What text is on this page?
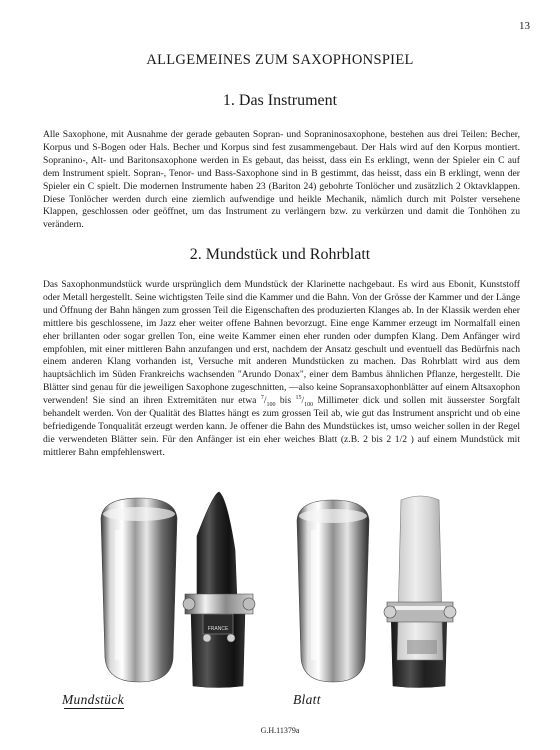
13
ALLGEMEINES ZUM SAXOPHONSPIEL
1. Das Instrument
Alle Saxophone, mit Ausnahme der gerade gebauten Sopran- und Sopraninosaxophone, bestehen aus drei Teilen: Becher, Korpus und S-Bogen oder Hals. Becher und Korpus sind fest zusammengebaut. Der Hals wird auf den Korpus montiert. Sopranino-, Alt- und Baritonsaxophone werden in Es gebaut, das heisst, dass ein Es erklingt, wenn der Spieler ein C auf dem Instrument spielt. Sopran-, Tenor- und Bass-Saxophone sind in B gestimmt, das heisst, dass ein B erklingt, wenn der Spieler ein C spielt. Die modernen Instrumente haben 23 (Bariton 24) gebohrte Tonlöcher und zusätzlich 2 Oktavklappen. Diese Tonlöcher werden durch eine ziemlich aufwendige und heikle Mechanik, nämlich durch mit Polster versehene Klappen, geschlossen oder geöffnet, um das Instrument zu verlängern bzw. zu verkürzen und damit die Tonhöhen zu verändern.
2. Mundstück und Rohrblatt
Das Saxophonmundstück wurde ursprünglich dem Mundstück der Klarinette nachgebaut. Es wird aus Ebonit, Kunststoff oder Metall hergestellt. Seine wichtigsten Teile sind die Kammer und die Bahn. Von der Grösse der Kammer und der Länge und Öffnung der Bahn hängen zum grossen Teil die Eigenschaften des produzierten Klanges ab. In der Klassik werden eher mittlere bis geschlossene, im Jazz eher weiter offene Bahnen bevorzugt. Eine enge Kammer erzeugt im Normalfall einen eher brillanten oder sogar grellen Ton, eine weite Kammer einen eher runden oder dumpfen Klang. Dem Anfänger wird empfohlen, mit einer mittleren Bahn anzufangen und erst, nachdem der Ansatz geschult und eventuell das Bedürfnis nach einem anderen Klang vorhanden ist, Versuche mit anderen Mundstücken zu machen. Das Rohrblatt wird aus dem hauptsächlich im Süden Frankreichs wachsenden "Arundo Donax", einer dem Bambus ähnlichen Pflanze, hergestellt. Die Blätter sind genau für die jeweiligen Saxophone zugeschnitten, —also keine Sopransaxophonblätter auf einem Altsaxophon verwenden! Sie sind an ihren Extremitäten nur etwa $^7/_{100}$ bis $^{15}/_{100}$ Millimeter dick und sollen mit äusserster Sorgfalt behandelt werden. Von der Qualität des Blattes hängt es zum grossen Teil ab, wie gut das Instrument anspricht und ob eine befriedigende Tonqualität erzeugt werden kann. Je offener die Bahn des Mundstückes ist, umso weicher sollen in der Regel die verwendeten Blätter sein. Für den Anfänger ist ein eher weiches Blatt (z.B. 2 bis 2 1/2 ) auf einem Mundstück mit mittlerer Bahn empfehlenswert.
FRANCE
Mundstück	Blatt
G.H.11379a
